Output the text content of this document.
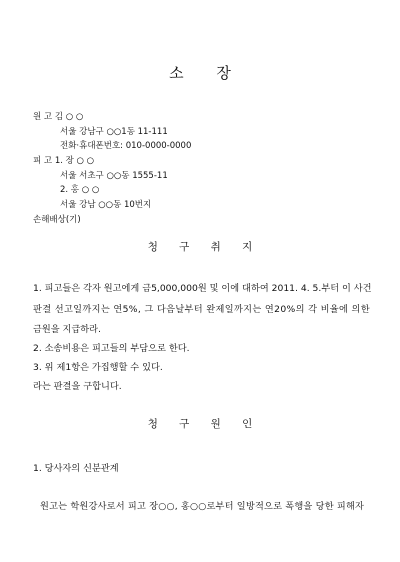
소 장
원 고 김 ○ ○
서울 강남구 ○○1동 11-111
전화·휴대폰번호: 010-0000-0000
피 고 1. 장 ○ ○
서울 서초구 ○○동 1555-11
2. 홍 ○ ○
서울 강남 ○○동 10번지
손해배상(기)
청 구 취 지
1. 피고들은 각자 원고에게 금5,000,000원 및 이에 대하여 2011. 4. 5.부터 이 사건
판결 선고일까지는 연5%, 그 다음날부터 완제일까지는 연20%의 각 비율에 의한
금원을 지급하라.
2. 소송비용은 피고들의 부담으로 한다.
3. 위 제1항은 가집행할 수 있다.
라는 판결을 구합니다.
청 구 원 인
1. 당사자의 신분관계
원고는 학원강사로서 피고 장○○, 홍○○로부터 일방적으로 폭행을 당한 피해자
